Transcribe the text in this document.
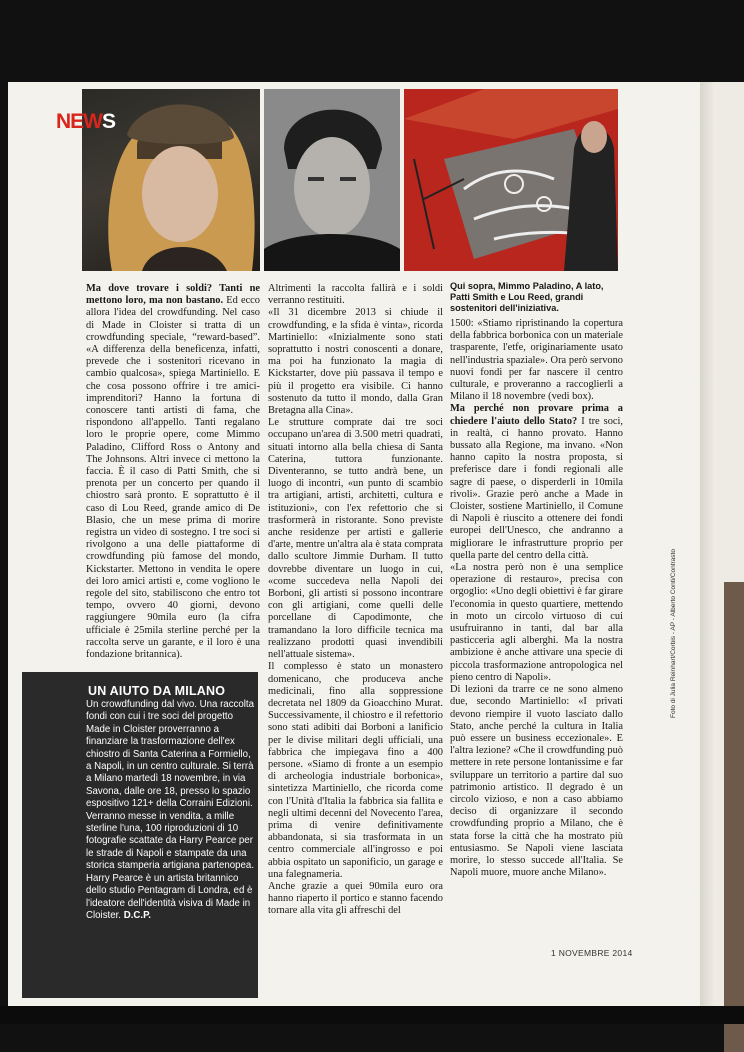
NEWS
Qui sopra, Mimmo Paladino, A lato, Patti Smith e Lou Reed, grandi sostenitori dell'iniziativa.

Ma dove trovare i soldi? Tanti ne mettono loro, ma non bastano. Ed ecco allora l'idea del crowdfunding. Nel caso di Made in Cloister si tratta di un crowdfunding speciale, “reward-based”. «A differenza della beneficenza, infatti, prevede che i sostenitori ricevano in cambio qualcosa», spiega Martiniello. E che cosa possono offrire i tre amici-imprenditori? Hanno la fortuna di conoscere tanti artisti di fama, che rispondono all'appello. Tanti regalano loro le proprie opere, come Mimmo Paladino, Clifford Ross o Antony and The Johnsons. Altri invece ci mettono la faccia. È il caso di Patti Smith, che si prenota per un concerto per quando il chiostro sarà pronto. E soprattutto è il caso di Lou Reed, grande amico di De Blasio, che un mese prima di morire registra un video di sostegno. I tre soci si rivolgono a una delle piattaforme di crowdfunding più famose del mondo, Kickstarter. Mettono in vendita le opere dei loro amici artisti e, come vogliono le regole del sito, stabiliscono che entro tot tempo, ovvero 40 giorni, devono raggiungere 90mila euro (la cifra ufficiale è 25mila sterline perché per la raccolta serve un garante, e il loro è una fondazione britannica).

Altrimenti la raccolta fallirà e i soldi verranno restituiti.

«Il 31 dicembre 2013 si chiude il crowdfunding, e la sfida è vinta», ricorda Martiniello: «Inizialmente sono stati soprattutto i nostri conoscenti a donare, ma poi ha funzionato la magia di Kickstarter, dove più passava il tempo e più il progetto era visibile. Ci hanno sostenuto da tutto il mondo, dalla Gran Bretagna alla Cina».

Le strutture comprate dai tre soci occupano un'area di 3.500 metri quadrati, situati intorno alla bella chiesa di Santa Caterina, tuttora funzionante. Diventeranno, se tutto andrà bene, un luogo di incontri, «un punto di scambio tra artigiani, artisti, architetti, cultura e istituzioni», con l'ex refettorio che si trasformerà in ristorante. Sono previste anche residenze per artisti e gallerie d'arte, mentre un'altra ala è stata comprata dallo scultore Jimmie Durham. Il tutto dovrebbe diventare un luogo in cui, «come succedeva nella Napoli dei Borboni, gli artisti si possono incontrare con gli artigiani, come quelli delle porcellane di Capodimonte, che tramandano la loro difficile tecnica ma realizzano prodotti quasi invendibili nell'attuale sistema».

Il complesso è stato un monastero domenicano, che produceva anche medicinali, fino alla soppressione decretata nel 1809 da Gioacchino Murat. Successivamente, il chiostro e il refettorio sono stati adibiti dai Borboni a lanificio per le divise militari degli ufficiali, una fabbrica che impiegava fino a 400 persone. «Siamo di fronte a un esempio di archeologia industriale borbonica», sintetizza Martiniello, che ricorda come con l'Unità d'Italia la fabbrica sia fallita e negli ultimi decenni del Novecento l'area, prima di venire definitivamente abbandonata, si sia trasformata in un centro commerciale all'ingrosso e poi abbia ospitato un saponificio, un garage e una falegnameria.

Anche grazie a quei 90mila euro ora hanno riaperto il portico e stanno facendo tornare alla vita gli affreschi del

1500: «Stiamo ripristinando la copertura della fabbrica borbonica con un materiale trasparente, l'etfe, originariamente usato nell'industria spaziale». Ora però servono nuovi fondi per far nascere il centro culturale, e proveranno a raccoglierli a Milano il 18 novembre (vedi box).

Ma perché non provare prima a chiedere l'aiuto dello Stato? I tre soci, in realtà, ci hanno provato. Hanno bussato alla Regione, ma invano. «Non hanno capito la nostra proposta, si preferisce dare i fondi regionali alle sagre di paese, o disperderli in 10mila rivoli». Grazie però anche a Made in Cloister, sostiene Martiniello, il Comune di Napoli è riuscito a ottenere dei fondi europei dell'Unesco, che andranno a migliorare le infrastrutture proprio per quella parte del centro della città.

«La nostra però non è una semplice operazione di restauro», precisa con orgoglio: «Uno degli obiettivi è far girare l'economia in questo quartiere, mettendo in moto un circolo virtuoso di cui usufruiranno in tanti, dal bar alla pasticceria agli alberghi. Ma la nostra ambizione è anche attivare una specie di piccola trasformazione antropologica nel pieno centro di Napoli».

Di lezioni da trarre ce ne sono almeno due, secondo Martiniello: «I privati devono riempire il vuoto lasciato dallo Stato, anche perché la cultura in Italia può essere un business eccezionale». E l'altra lezione? «Che il crowdfunding può mettere in rete persone lontanissime e far sviluppare un territorio a partire dal suo patrimonio artistico. Il degrado è un circolo vizioso, e non a caso abbiamo deciso di organizzare il secondo crowdfunding proprio a Milano, che è stata forse la città che ha mostrato più entusiasmo. Se Napoli viene lasciata morire, lo stesso succede all'Italia. Se Napoli muore, muore anche Milano».

UN AIUTO DA MILANO
Un crowdfunding dal vivo. Una raccolta fondi con cui i tre soci del progetto Made in Cloister proverranno a finanziare la trasformazione dell'ex chiostro di Santa Caterina a Formiello, a Napoli, in un centro culturale. Si terrà a Milano martedì 18 novembre, in via Savona, dalle ore 18, presso lo spazio espositivo 121+ della Corraini Edizioni. Verranno messe in vendita, a mille sterline l'una, 100 riproduzioni di 10 fotografie scattate da Harry Pearce per le strade di Napoli e stampate da una storica stamperia artigiana partenopea. Harry Pearce è un artista britannico dello studio Pentagram di Londra, ed è l'ideatore dell'identità visiva di Made in Cloister. D.C.P.
1 NOVEMBRE 2014
Foto di Julia Reinhart/Corbis - AP - Alberto Conti/Contrasto
